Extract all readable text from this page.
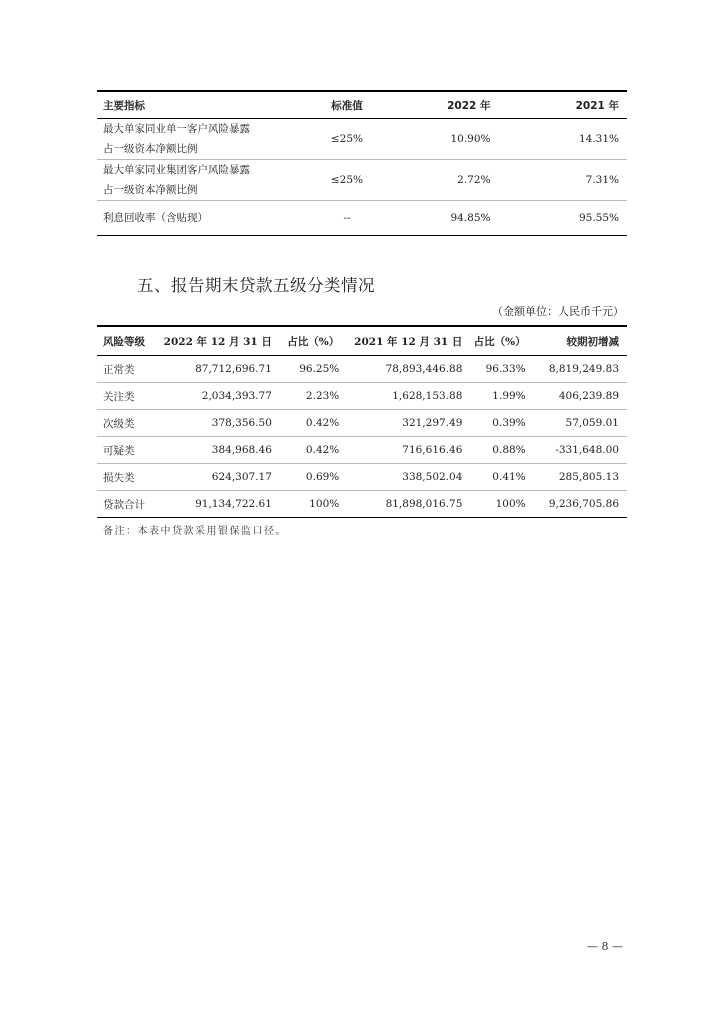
主要指标	标准值	2022 年	2021 年

最大单家同业单一客户风险暴露
占一级资本净额比例	≤25%	10.90%	14.31%

最大单家同业集团客户风险暴露
占一级资本净额比例	≤25%	2.72%	7.31%
利息回收率（含贴现）	--	94.85%	95.55%
五、报告期末贷款五级分类情况
（金额单位：人民币千元）
风险等级	2022 年 12 月 31 日	占比（%）	2021 年 12 月 31 日	占比（%）	较期初增减
正常类	87,712,696.71	96.25%	78,893,446.88	96.33%	8,819,249.83
关注类	2,034,393.77	2.23%	1,628,153.88	1.99%	406,239.89
次级类	378,356.50	0.42%	321,297.49	0.39%	57,059.01
可疑类	384,968.46	0.42%	716,616.46	0.88%	-331,648.00
损失类	624,307.17	0.69%	338,502.04	0.41%	285,805.13
贷款合计	91,134,722.61	100%	81,898,016.75	100%	9,236,705.86
备注：本表中贷款采用银保监口径。
— 8 —
